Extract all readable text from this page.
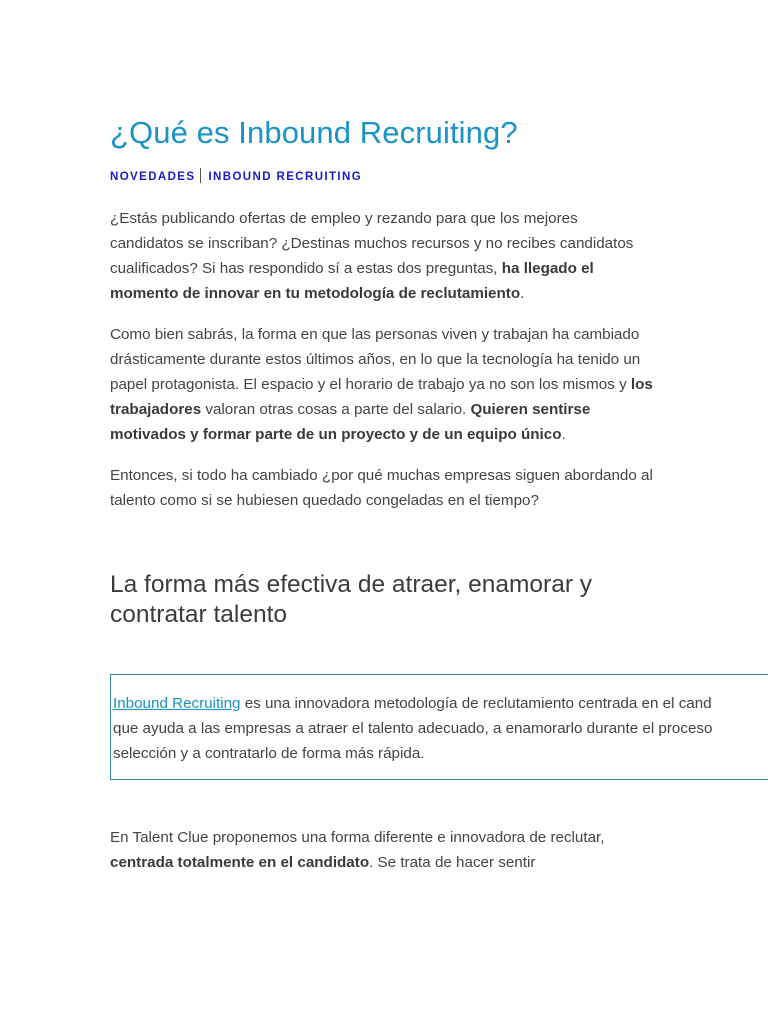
¿Qué es Inbound Recruiting?
NOVEDADES INBOUND RECRUITING

¿Estás publicando ofertas de empleo y rezando para que los mejores candidatos se inscriban? ¿Destinas muchos recursos y no recibes candidatos cualificados? Si has respondido sí a estas dos preguntas, ha llegado el momento de innovar en tu metodología de reclutamiento.

Como bien sabrás, la forma en que las personas viven y trabajan ha cambiado drásticamente durante estos últimos años, en lo que la tecnología ha tenido un papel protagonista. El espacio y el horario de trabajo ya no son los mismos y los trabajadores valoran otras cosas a parte del salario. Quieren sentirse motivados y formar parte de un proyecto y de un equipo único.

Entonces, si todo ha cambiado ¿por qué muchas empresas siguen abordando al talento como si se hubiesen quedado congeladas en el tiempo?

La forma más efectiva de atraer, enamorar y contratar talento
Inbound Recruiting es una innovadora metodología de reclutamiento centrada en el cand
que ayuda a las empresas a atraer el talento adecuado, a enamorarlo durante el proceso
selección y a contratarlo de forma más rápida.

En Talent Clue proponemos una forma diferente e innovadora de reclutar, centrada totalmente en el candidato. Se trata de hacer sentir
